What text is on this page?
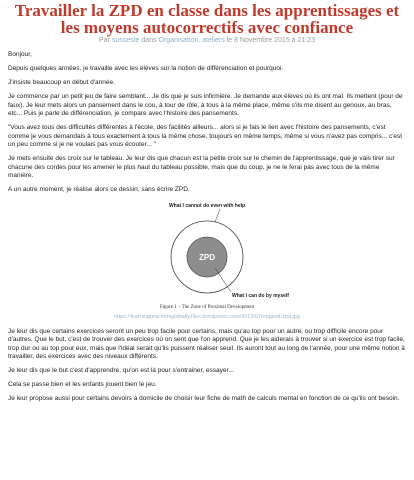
Travailler la ZPD en classe dans les apprentissages et les moyens autocorrectifs avec confiance
Par susseste dans Organisation, ateliers le 8 Novembre 2015 à 21:23

Bonjour,

Depuis quelques années, je travaille avec les élèves sur la notion de différenciation et pourquoi.

J'insiste beaucoup en début d'année.

Je commence par un petit jeu de faire semblant... Je dis que je suis infirmière. Je demande aux élèves où ils ont mal. Ils mettent (pour de faux). Je leur mets alors un pansement dans le cou, à tour de rôle, à tous à la même place, même s'ils me disent au genoux, au bras, etc... Puis je parle de différenciation, je compare avec l'histoire des pansements.

"Vous avez tous des difficultés différentes à l'école, des facilités ailleurs... alors si je fais le lien avec l'histoire des pansements, c'est comme je vous demandais à tous exactement à tous la même chose, toujours en même temps, même si vous n'avez pas compris... c'est un peu comme si je ne voulais pas vous écouter... "

Je mets ensuite des croix sur le tableau. Je leur dis que chacun est la petite croix sur le chemin de l'apprentissage, que je vais tirer sur chacune des cordes pour les amener le plus haut du tableau possible, mais que du coup, je ne le ferai pas avec tous de la même manière.

A un autre moment, je réalise alors ce dessin, sans écrire ZPD.

What I cannot do even with help
ZPD
What I can do by myself
Figure 1 – The Zone of Proximal Development
https://learningteachersglobally.files.wordpress.com/2013/07/original-zpd.jpg

Je leur dis que certains exercices seront un peu trop facile pour certains, mais qu'au top pour un autre, ou trop difficile encore pour d'autres. Que le but, c'est de trouver des exercices où on sent que l'on apprend. Que je les aiderais à trouver si un exercice est trop facile, trop dur ou au top pour eux, mais que l'idéal serait qu'ils puissent réaliser seuil. Ils auront tout au long de l'année, pour une même notion à travailler, des exercices avec des niveaux différents.

Je leur dis que le but c'est d'apprendre, qu'on est là pour s'entrainer, essayer...

Cela se passe bien et les enfants jouent bien le jeu.

Je leur propose aussi pour certains devoirs à domicile de choisir leur fiche de math de calculs mental en fonction de ce qu'ils ont besoin.
